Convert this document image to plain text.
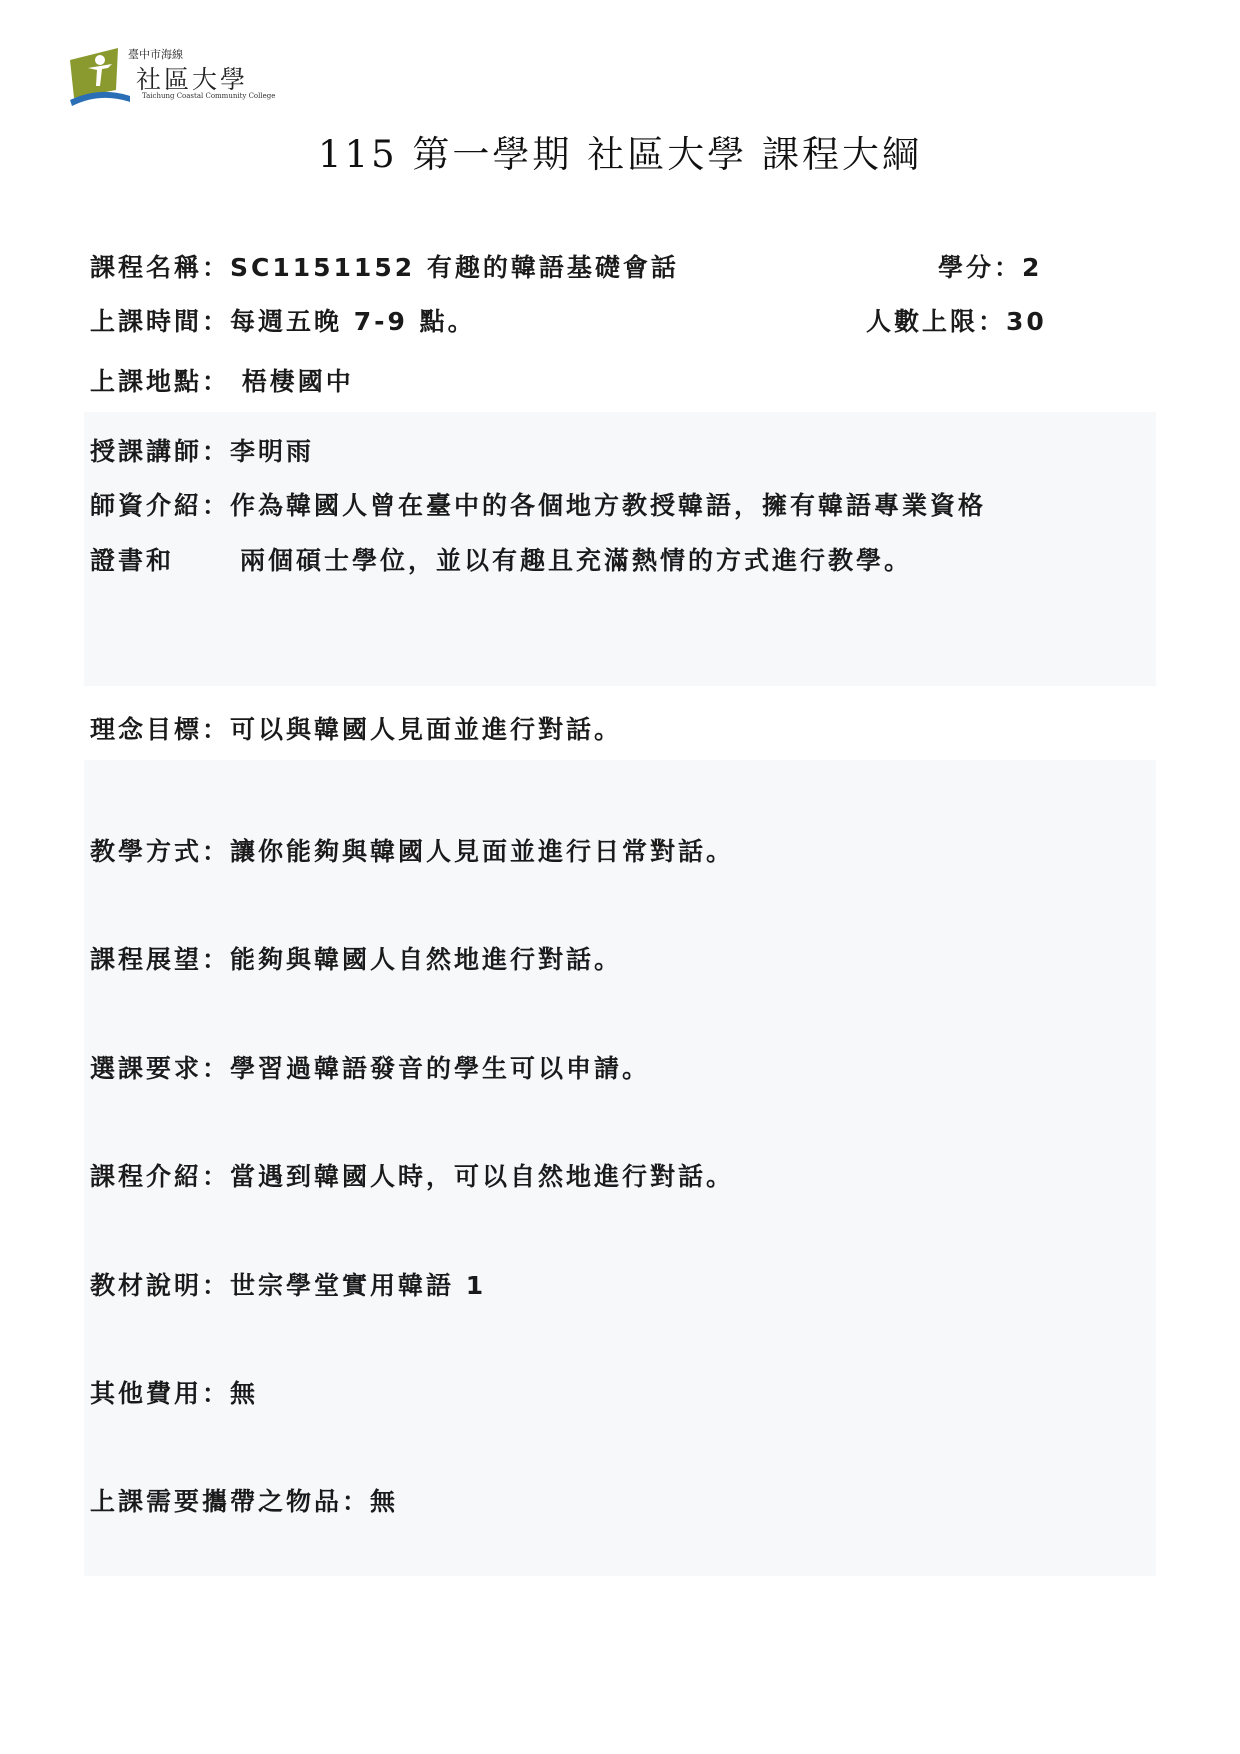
臺中市海線
社區大學
Taichung Coastal Community College
115 第一學期 社區大學 課程大綱
課程名稱：SC1151152 有趣的韓語基礎會話	學分：2
上課時間：每週五晚 7-9 點。	人數上限：30
上課地點： 梧棲國中
授課講師：李明雨
師資介紹：作為韓國人曾在臺中的各個地方教授韓語，擁有韓語專業資格
證書和	兩個碩士學位，並以有趣且充滿熱情的方式進行教學。
理念目標：可以與韓國人見面並進行對話。
教學方式：讓你能夠與韓國人見面並進行日常對話。
課程展望：能夠與韓國人自然地進行對話。
選課要求：學習過韓語發音的學生可以申請。
課程介紹：當遇到韓國人時，可以自然地進行對話。
教材說明：世宗學堂實用韓語 1
其他費用：無
上課需要攜帶之物品：無
